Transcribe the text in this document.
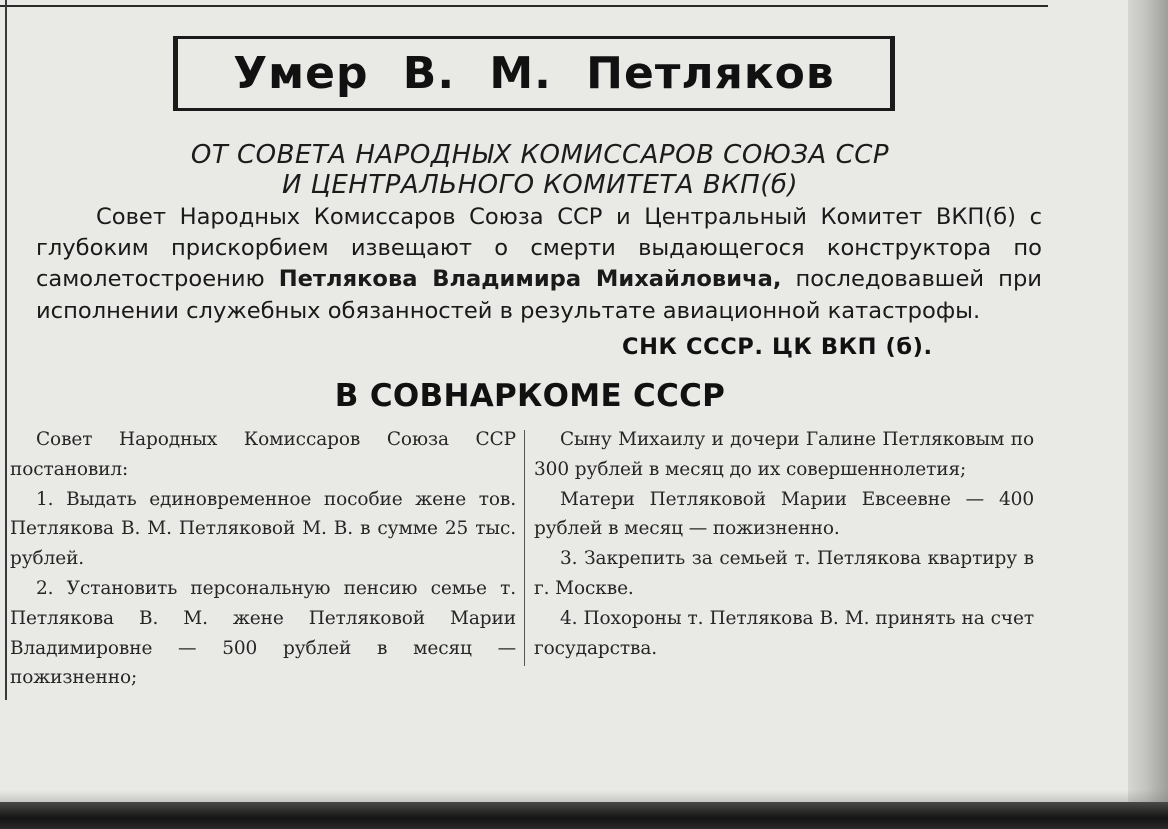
Умер В. М. Петляков
ОТ СОВЕТА НАРОДНЫХ КОМИССАРОВ СОЮЗА ССР
И ЦЕНТРАЛЬНОГО КОМИТЕТА ВКП(б)

Совет Народных Комиссаров Союза ССР и Центральный Комитет ВКП(б) с глубоким прискорбием извещают о смерти выдающегося конструктора по самолетостроению Петлякова Владимира Михайловича, последовавшей при исполнении служебных обязанностей в результате авиационной катастрофы.

СНК СССР. ЦК ВКП (б).
В СОВНАРКОМЕ СССР

Совет Народных Комиссаров Союза ССР постановил:

1. Выдать единовременное пособие жене тов. Петлякова В. М. Петляковой М. В. в сумме 25 тыс. рублей.

2. Установить персональную пенсию семье т. Петлякова В. М. жене Петляковой Марии Владимировне — 500 рублей в месяц — пожизненно;

Сыну Михаилу и дочери Галине Петляковым по 300 рублей в месяц до их совершеннолетия;

Матери Петляковой Марии Евсеевне — 400 рублей в месяц — пожизненно.

3. Закрепить за семьей т. Петлякова квартиру в г. Москве.

4. Похороны т. Петлякова В. М. принять на счет государства.
